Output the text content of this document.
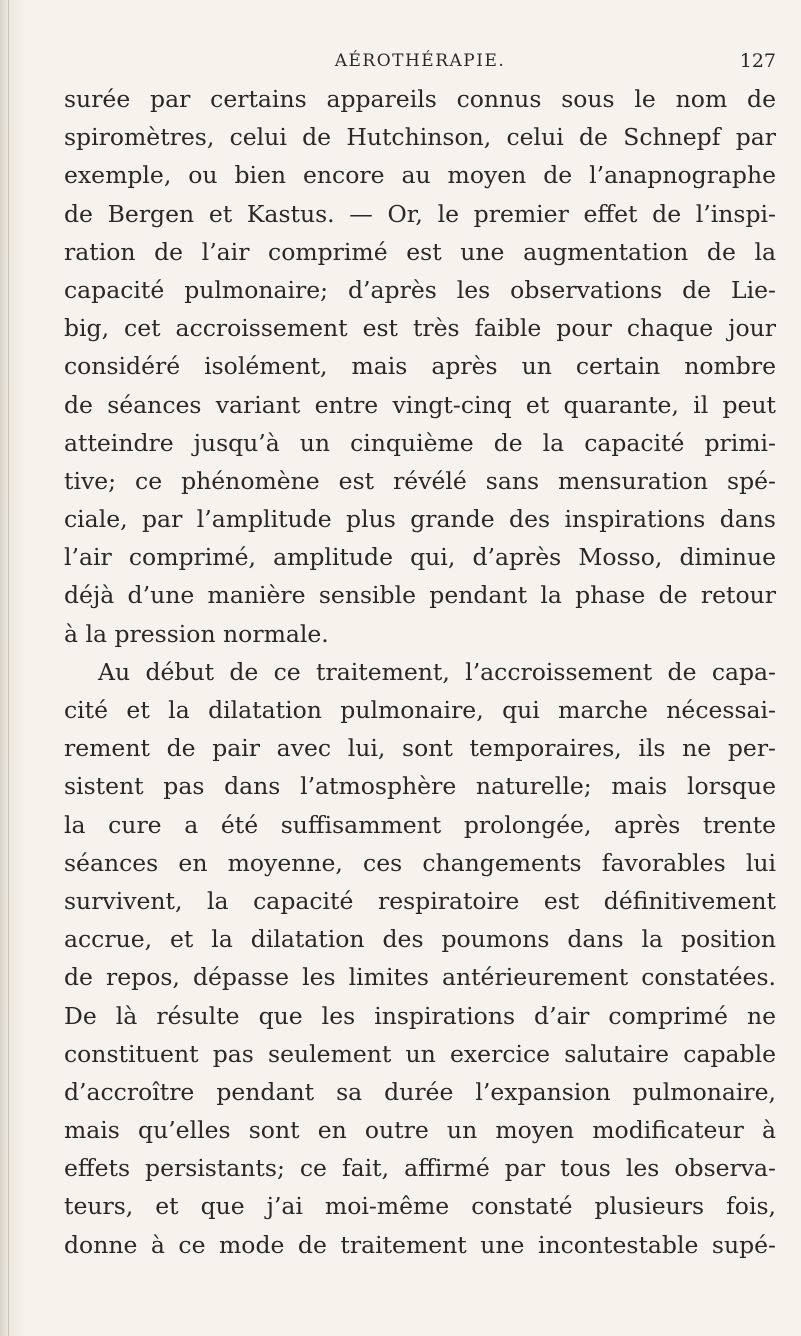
AÉROTHÉRAPIE.	127
surée par certains appareils connus sous le nom de
spiromètres, celui de Hutchinson, celui de Schnepf par
exemple, ou bien encore au moyen de l’anapnographe
de Bergen et Kastus. — Or, le premier effet de l’inspi-
ration de l’air comprimé est une augmentation de la
capacité pulmonaire; d’après les observations de Lie-
big, cet accroissement est très faible pour chaque jour
considéré isolément, mais après un certain nombre
de séances variant entre vingt-cinq et quarante, il peut
atteindre jusqu’à un cinquième de la capacité primi-
tive; ce phénomène est révélé sans mensuration spé-
ciale, par l’amplitude plus grande des inspirations dans
l’air comprimé, amplitude qui, d’après Mosso, diminue
déjà d’une manière sensible pendant la phase de retour
à la pression normale.
Au début de ce traitement, l’accroissement de capa-
cité et la dilatation pulmonaire, qui marche nécessai-
rement de pair avec lui, sont temporaires, ils ne per-
sistent pas dans l’atmosphère naturelle; mais lorsque
la cure a été suffisamment prolongée, après trente
séances en moyenne, ces changements favorables lui
survivent, la capacité respiratoire est définitivement
accrue, et la dilatation des poumons dans la position
de repos, dépasse les limites antérieurement constatées.
De là résulte que les inspirations d’air comprimé ne
constituent pas seulement un exercice salutaire capable
d’accroître pendant sa durée l’expansion pulmonaire,
mais qu’elles sont en outre un moyen modificateur à
effets persistants; ce fait, affirmé par tous les observa-
teurs, et que j’ai moi-même constaté plusieurs fois,
donne à ce mode de traitement une incontestable supé-
